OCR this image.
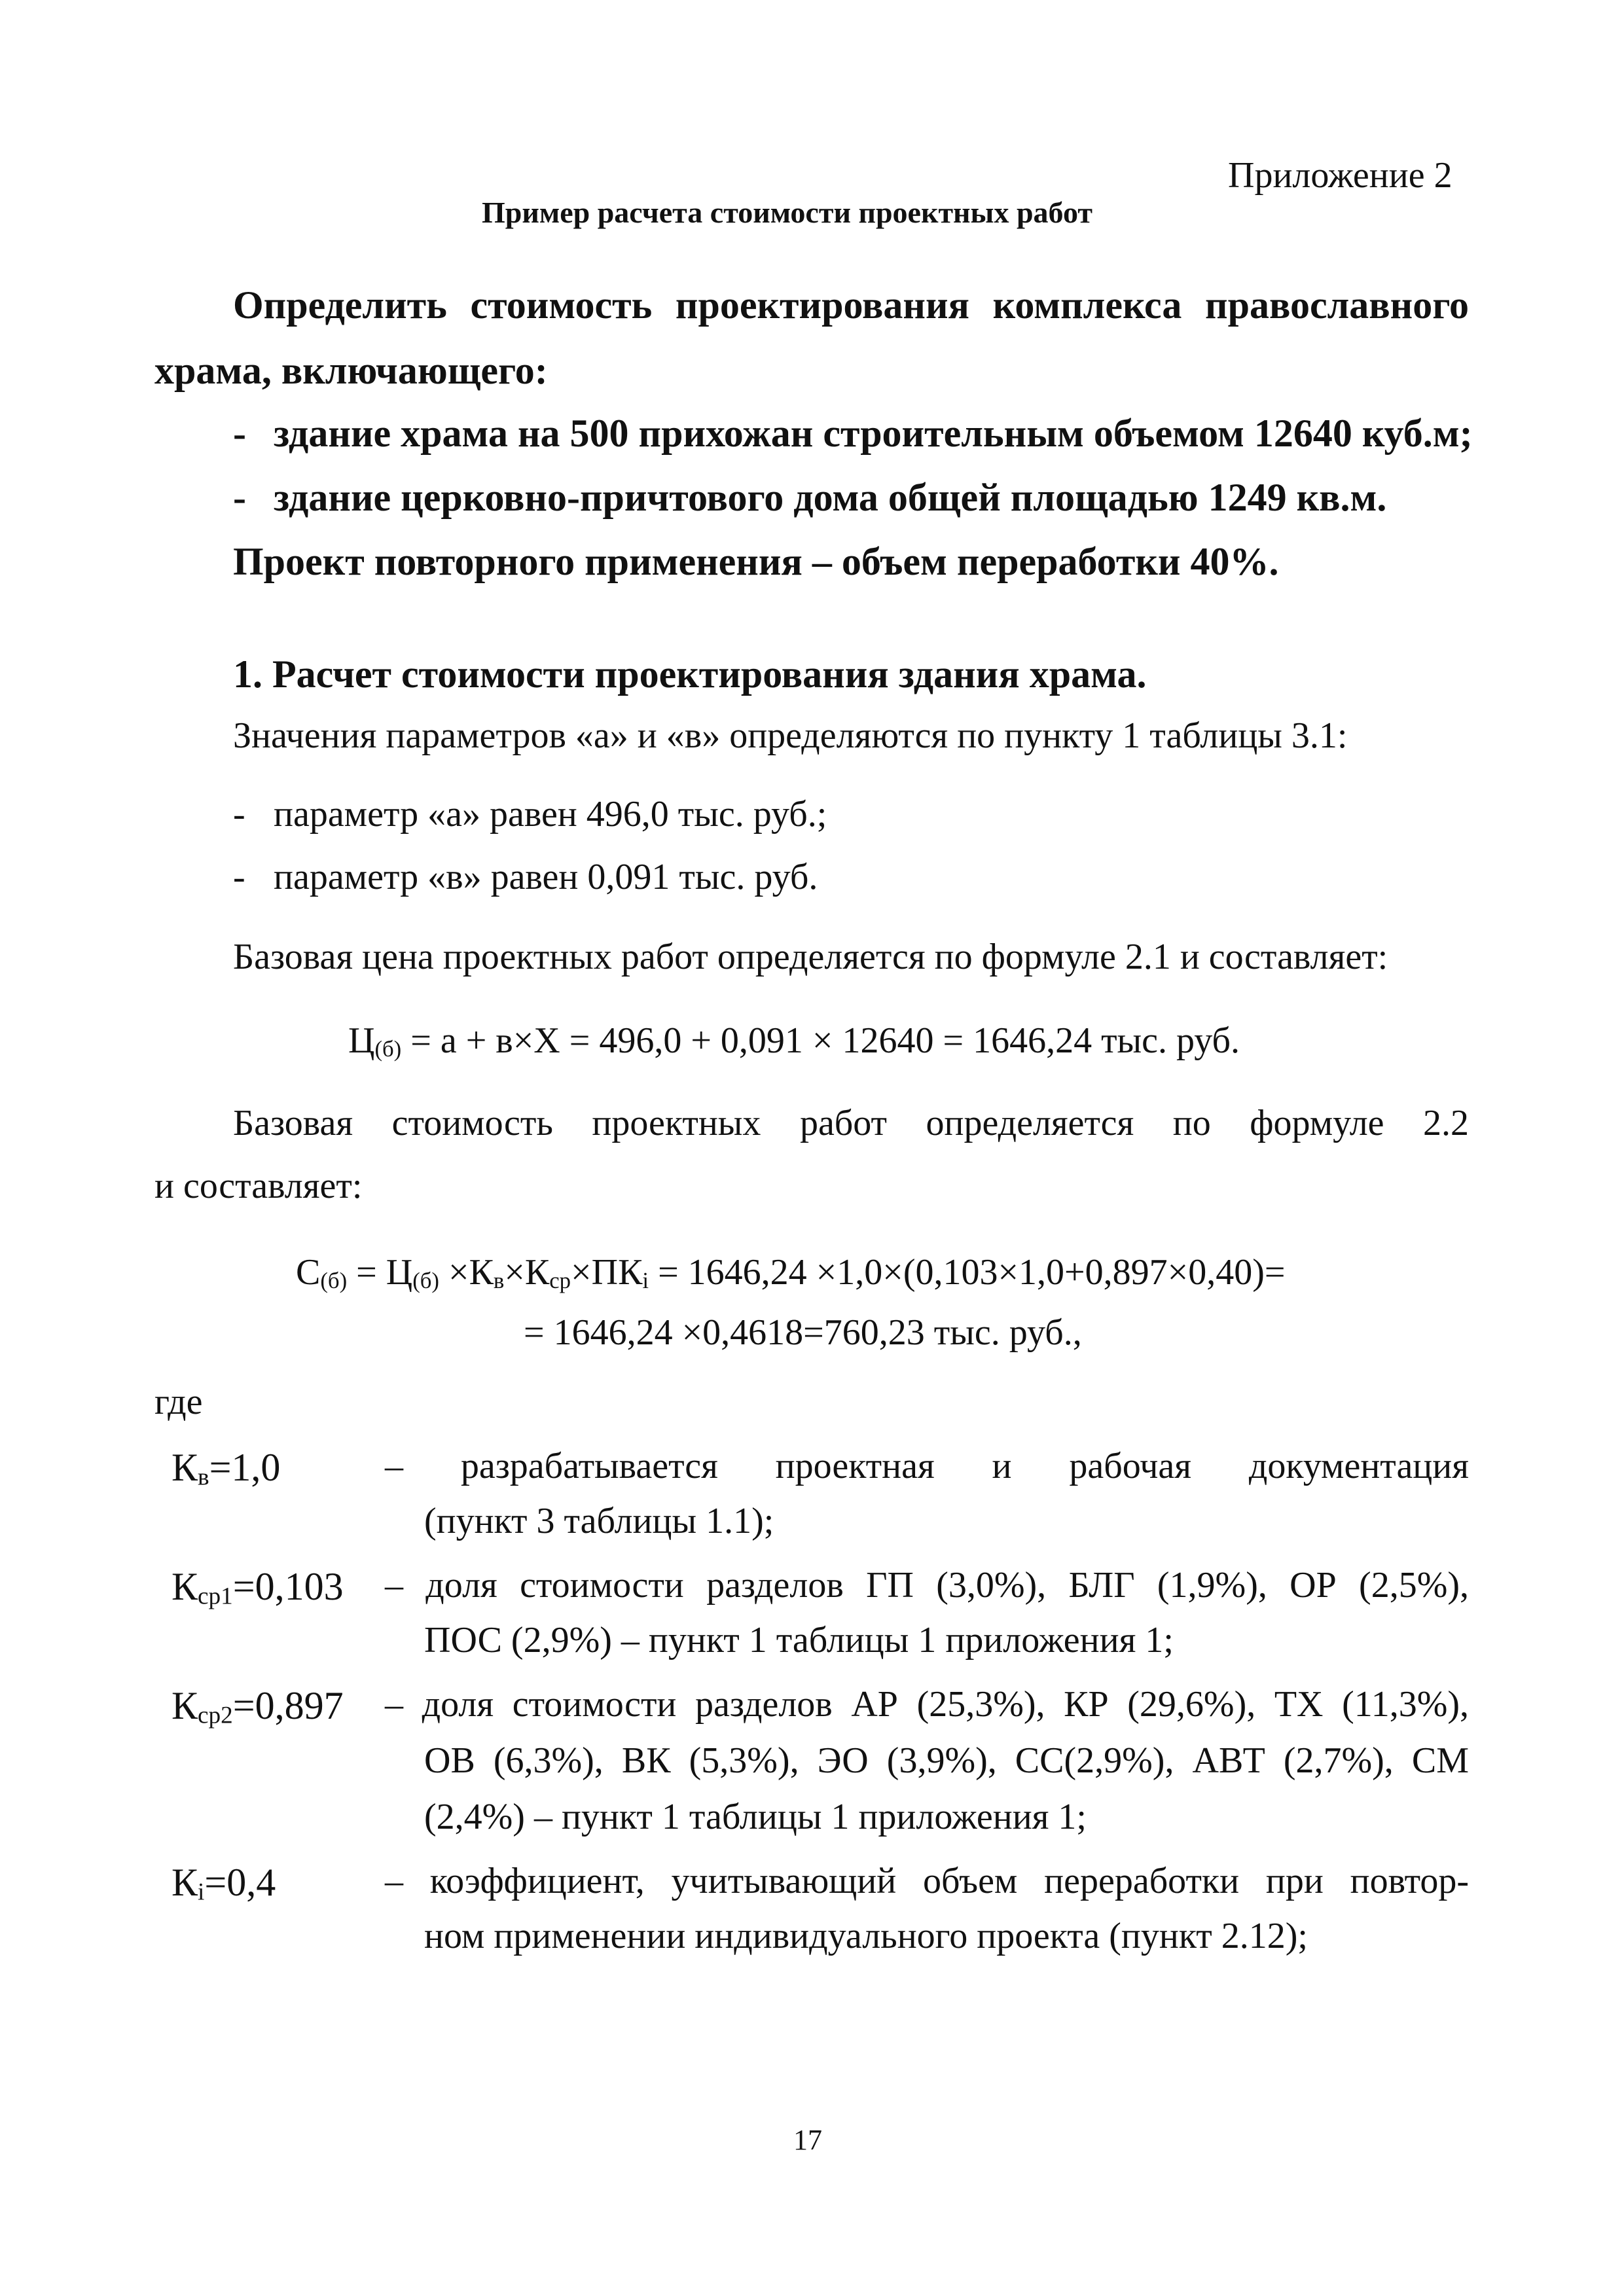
Приложение 2
Пример расчета стоимости проектных работ
Определить стоимость проектирования комплекса православного
храма, включающего:
- здание храма на 500 прихожан строительным объемом 12640 куб.м;
- здание церковно-причтового дома общей площадью 1249 кв.м.
Проект повторного применения – объем переработки 40%.
1. Расчет стоимости проектирования здания храма.
Значения параметров «а» и «в» определяются по пункту 1 таблицы 3.1:
- параметр «а» равен 496,0 тыс. руб.;
- параметр «в» равен 0,091 тыс. руб.
Базовая цена проектных работ определяется по формуле 2.1 и составляет:
$Ц_{(б)} = а + в\times Х = 496,0 + 0,091 \times 12640 = 1646,24$ тыс. руб.
Базовая стоимость проектных работ определяется по формуле 2.2
и составляет:
$С_{(б)} = Ц_{(б)} \times К_в\times К_{ср}\times ПК_i = 1646,24 \times 1,0\times(0,103\times 1,0+0,897\times 0,40)=$
= 1646,24 ×0,4618=760,23 тыс. руб.,
где
$К_в=1,0$	– разрабатывается проектная и рабочая документация
(пункт 3 таблицы 1.1);
$К_{ср1}=0,103$ – доля стоимости разделов ГП (3,0%), БЛГ (1,9%), ОР (2,5%),
ПОС (2,9%) – пункт 1 таблицы 1 приложения 1;
$К_{ср2}=0,897$ – доля стоимости разделов АР (25,3%), КР (29,6%), ТХ (11,3%),
ОВ (6,3%), ВК (5,3%), ЭО (3,9%), СС(2,9%), АВТ (2,7%), СМ
(2,4%) – пункт 1 таблицы 1 приложения 1;
$К_i=0,4$	– коэффициент, учитывающий объем переработки при повтор-
ном применении индивидуального проекта (пункт 2.12);
17
